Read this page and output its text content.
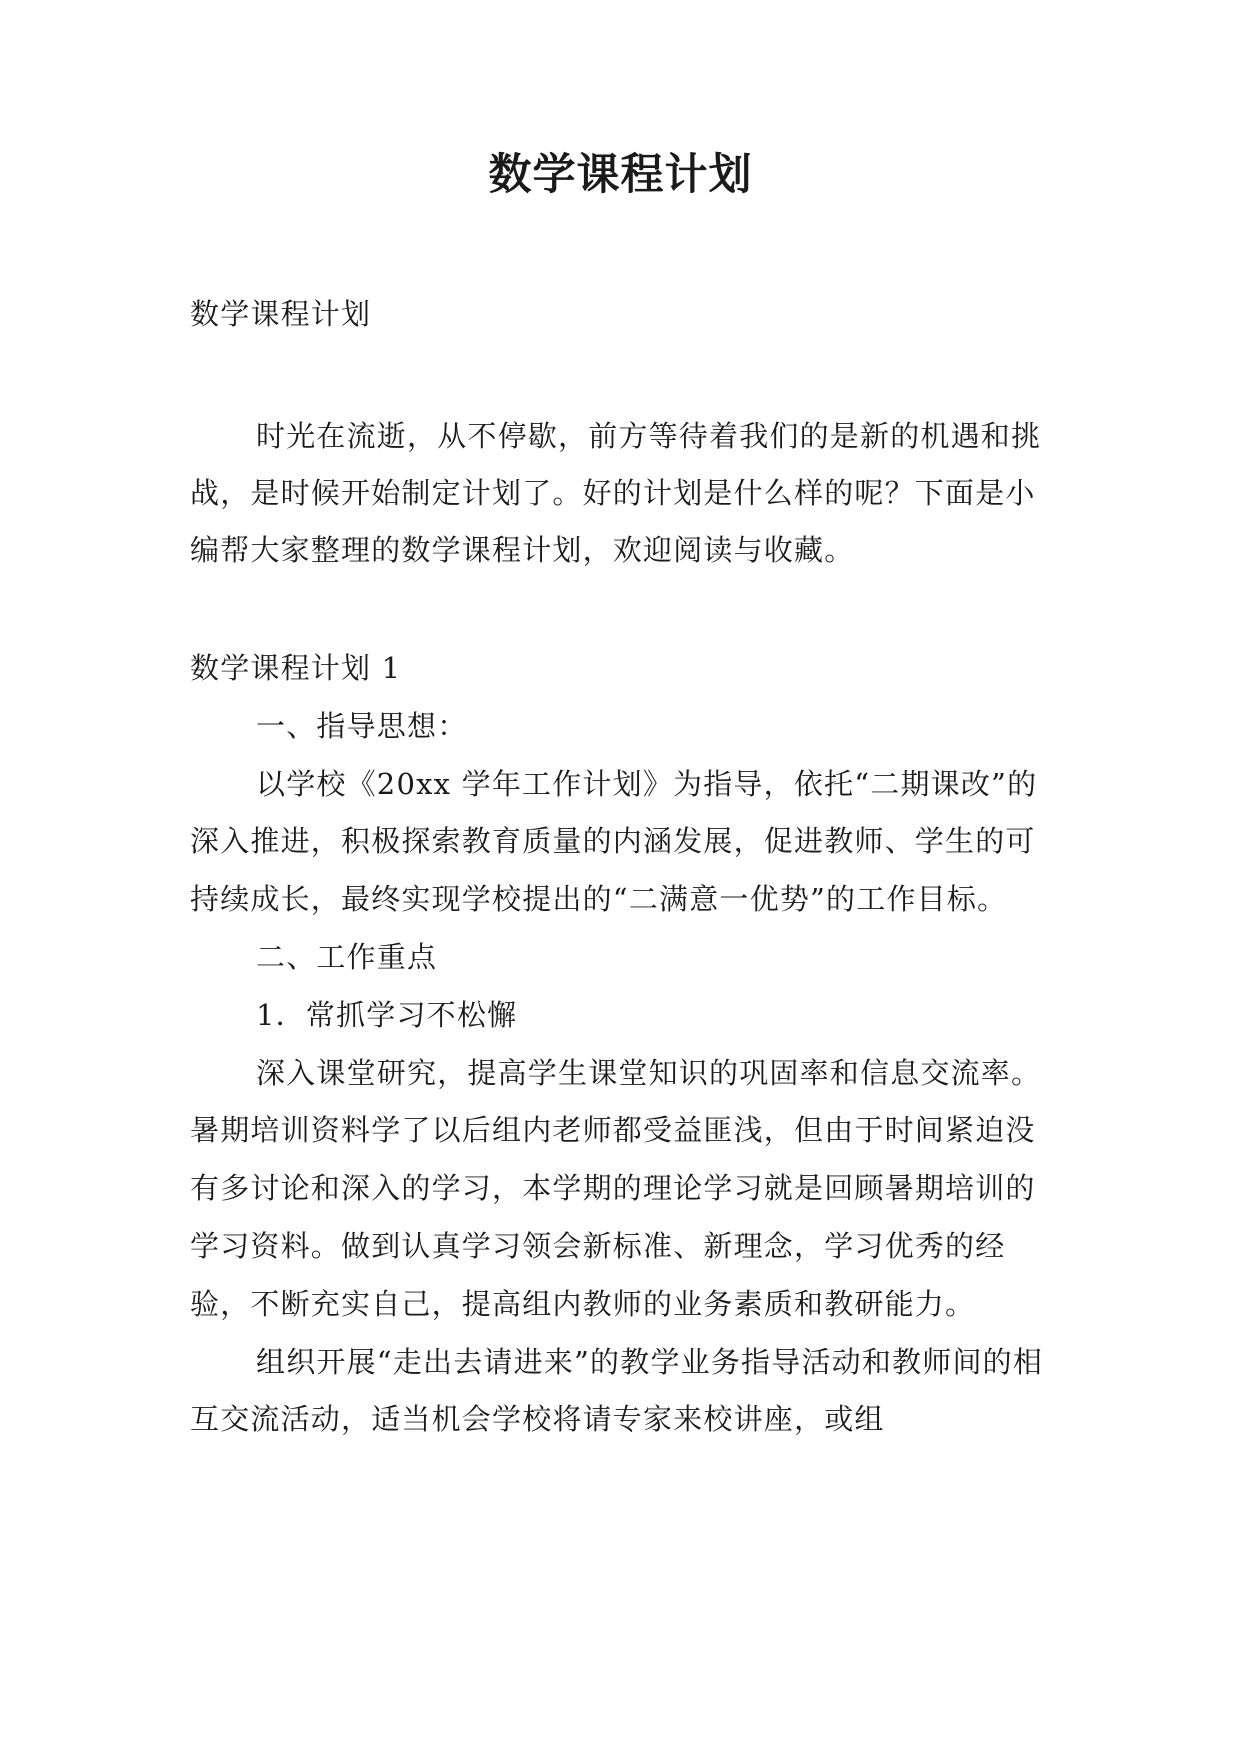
数学课程计划

数学课程计划

时光在流逝，从不停歇，前方等待着我们的是新的机遇和挑战，是时候开始制定计划了。好的计划是什么样的呢？下面是小编帮大家整理的数学课程计划，欢迎阅读与收藏。

数学课程计划 1

一、指导思想：

以学校《20xx 学年工作计划》为指导，依托“二期课改”的深入推进，积极探索教育质量的内涵发展，促进教师、学生的可持续成长，最终实现学校提出的“二满意一优势”的工作目标。

二、工作重点

1．常抓学习不松懈

深入课堂研究，提高学生课堂知识的巩固率和信息交流率。暑期培训资料学了以后组内老师都受益匪浅，但由于时间紧迫没有多讨论和深入的学习，本学期的理论学习就是回顾暑期培训的学习资料。做到认真学习领会新标准、新理念，学习优秀的经验，不断充实自己，提高组内教师的业务素质和教研能力。

组织开展“走出去请进来”的教学业务指导活动和教师间的相互交流活动，适当机会学校将请专家来校讲座，或组
